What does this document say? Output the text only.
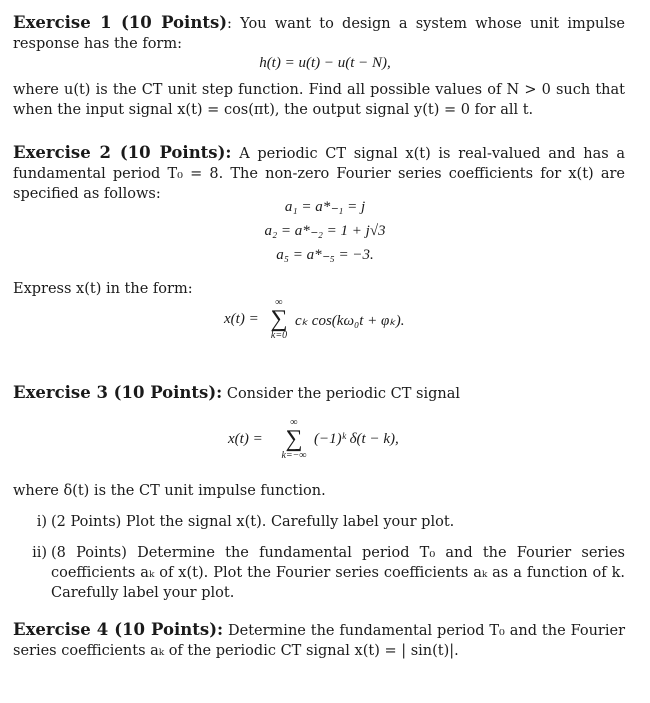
Exercise 1 (10 Points): You want to design a system whose unit impulse response has the form:
h(t) = u(t) − u(t − N),
where u(t) is the CT unit step function. Find all possible values of N > 0 such that when the input signal x(t) = cos(πt), the output signal y(t) = 0 for all t.
Exercise 2 (10 Points): A periodic CT signal x(t) is real-valued and has a fundamental period T₀ = 8. The non-zero Fourier series coefficients for x(t) are specified as follows:
a₁ = a*₋₁ = j
a₂ = a*₋₂ = 1 + j√3
a₅ = a*₋₅ = −3.
Express x(t) in the form:
x(t) =
∞
∑
k=0
cₖ cos(kω₀t + φₖ).
Exercise 3 (10 Points): Consider the periodic CT signal
x(t) =
∞
∑
k=−∞
(−1)ᵏ δ(t − k),
where δ(t) is the CT unit impulse function.
i) (2 Points) Plot the signal x(t). Carefully label your plot.
ii) (8 Points) Determine the fundamental period T₀ and the Fourier series coefficients aₖ of x(t). Plot the Fourier series coefficients aₖ as a function of k. Carefully label your plot.
Exercise 4 (10 Points): Determine the fundamental period T₀ and the Fourier series coefficients aₖ of the periodic CT signal x(t) = | sin(t)|.
